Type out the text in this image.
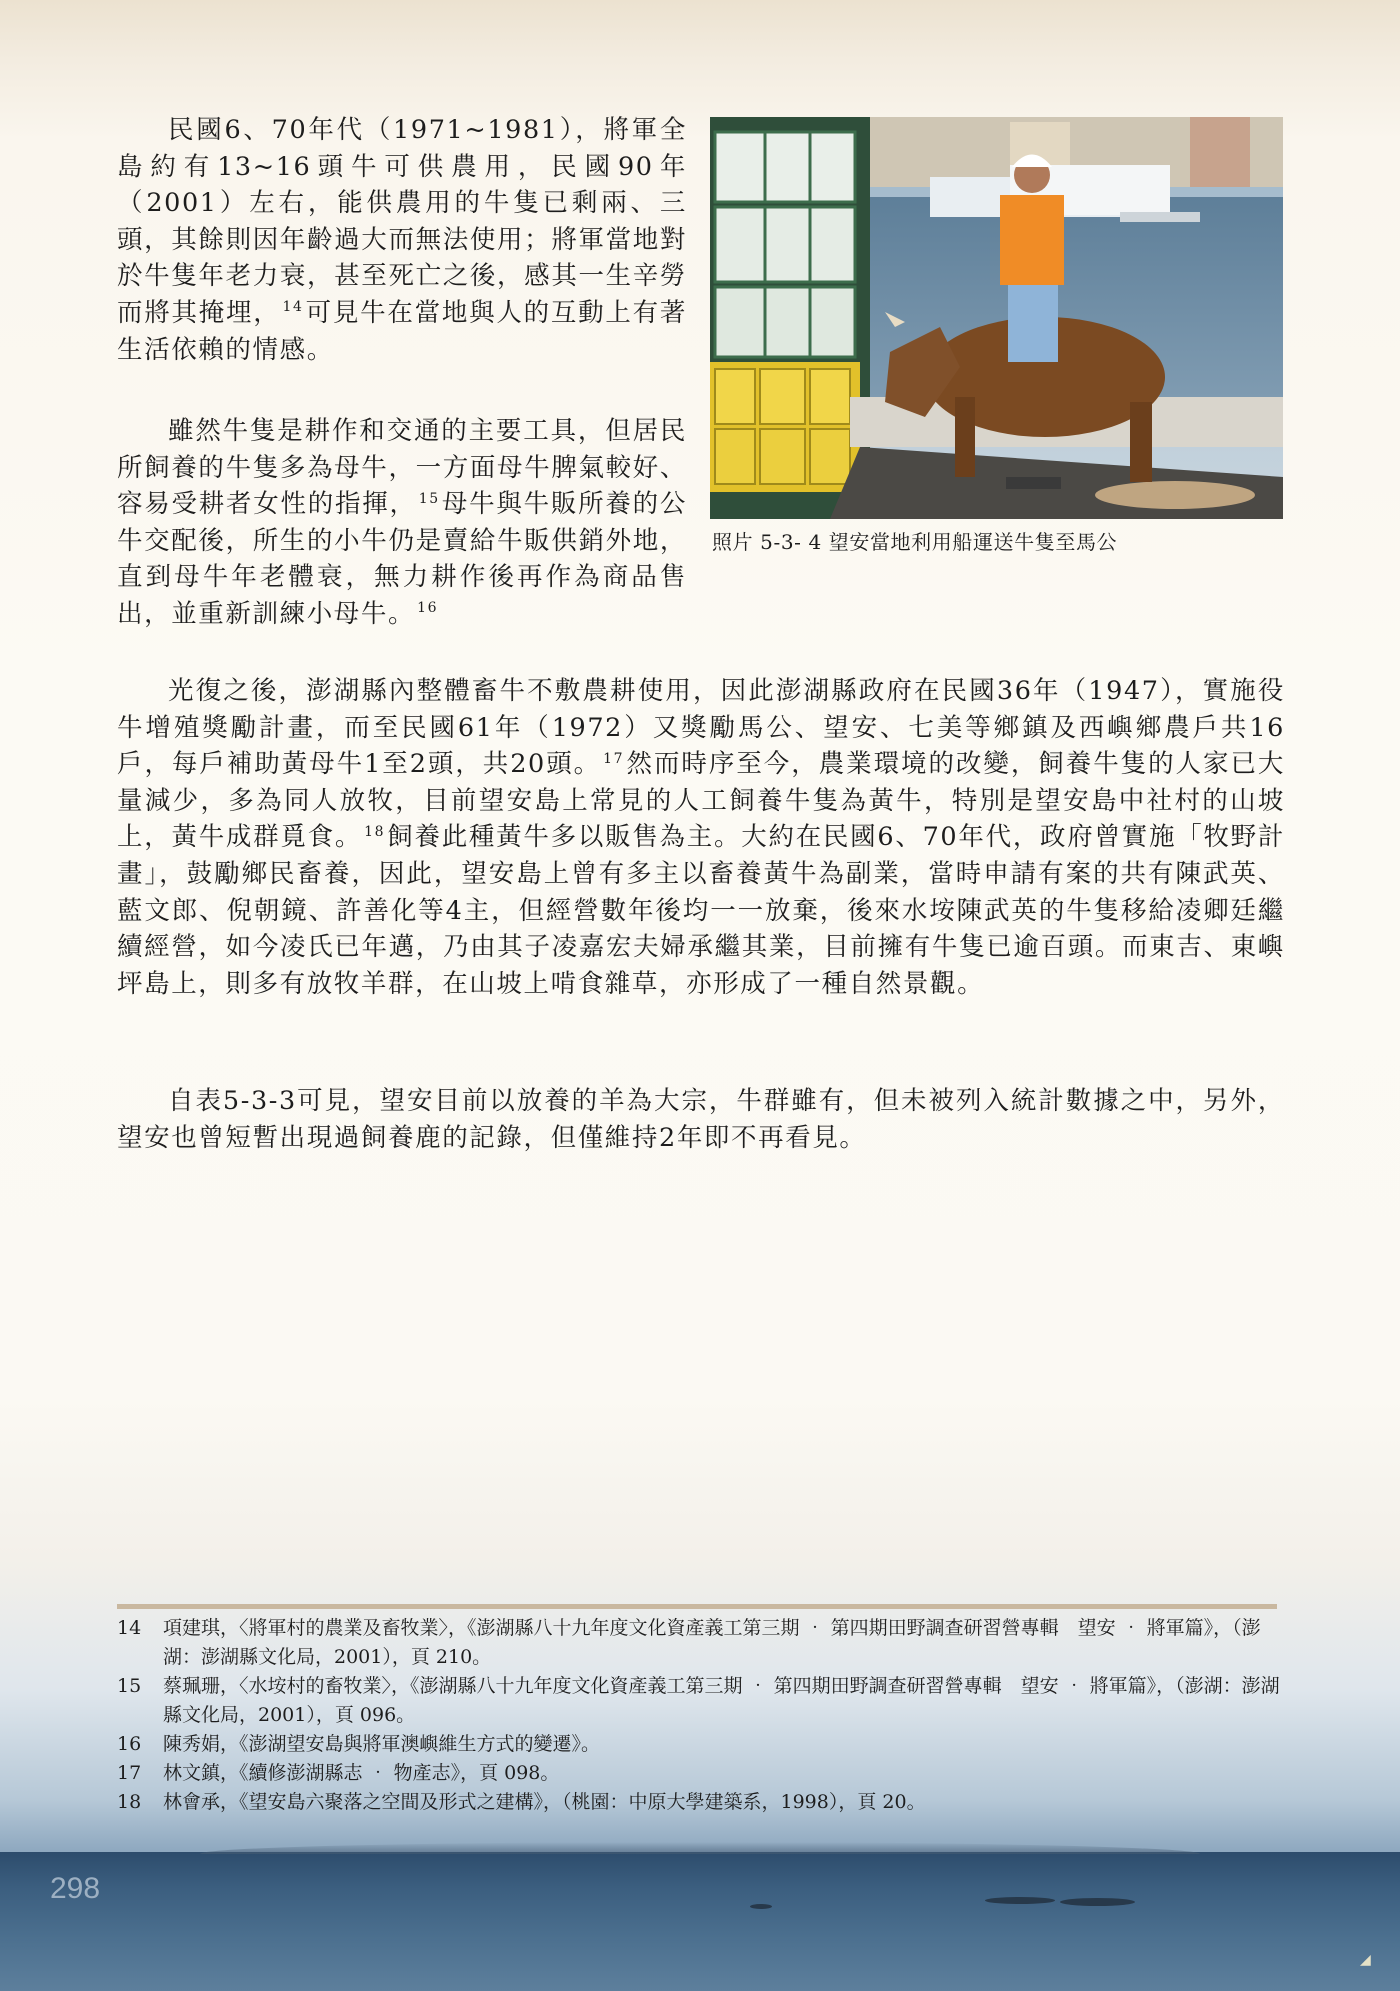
◢

民國6、70年代（1971~1981），將軍全島約有13~16頭牛可供農用，民國90年（2001）左右，能供農用的牛隻已剩兩、三頭，其餘則因年齡過大而無法使用；將軍當地對於牛隻年老力衰，甚至死亡之後，感其一生辛勞而將其掩埋， $^{14}$可見牛在當地與人的互動上有著生活依賴的情感。

照片 5-3- 4 望安當地利用船運送牛隻至馬公

雖然牛隻是耕作和交通的主要工具，但居民所飼養的牛隻多為母牛，一方面母牛脾氣較好、容易受耕者女性的指揮， $^{15}$母牛與牛販所養的公牛交配後，所生的小牛仍是賣給牛販供銷外地，直到母牛年老體衰，無力耕作後再作為商品售出，並重新訓練小母牛。 $^{16}$

光復之後，澎湖縣內整體畜牛不敷農耕使用，因此澎湖縣政府在民國36年（1947），實施役牛增殖獎勵計畫，而至民國61年（1972）又獎勵馬公、望安、七美等鄉鎮及西嶼鄉農戶共16戶，每戶補助黃母牛1至2頭，共20頭。 $^{17}$然而時序至今，農業環境的改變，飼養牛隻的人家已大量減少，多為同人放牧，目前望安島上常見的人工飼養牛隻為黃牛，特別是望安島中社村的山坡上，黃牛成群覓食。 $^{18}$飼養此種黃牛多以販售為主。大約在民國6、70年代，政府曾實施「牧野計畫」，鼓勵鄉民畜養，因此，望安島上曾有多主以畜養黃牛為副業，當時申請有案的共有陳武英、藍文郎、倪朝鏡、許善化等4主，但經營數年後均一一放棄，後來水垵陳武英的牛隻移給凌卿廷繼續經營，如今凌氏已年邁，乃由其子凌嘉宏夫婦承繼其業，目前擁有牛隻已逾百頭。而東吉、東嶼坪島上，則多有放牧羊群，在山坡上啃食雜草，亦形成了一種自然景觀。

自表5-3-3可見，望安目前以放養的羊為大宗，牛群雖有，但未被列入統計數據之中，另外，望安也曾短暫出現過飼養鹿的記錄，但僅維持2年即不再看見。

14	項建琪，〈將軍村的農業及畜牧業〉，《澎湖縣八十九年度文化資產義工第三期 ‧ 第四期田野調查研習營專輯　望安 ‧ 將軍篇》，（澎湖：澎湖縣文化局，2001），頁 210。
15	蔡珮珊，〈水垵村的畜牧業〉，《澎湖縣八十九年度文化資產義工第三期 ‧ 第四期田野調查研習營專輯　望安 ‧ 將軍篇》，（澎湖：澎湖縣文化局，2001），頁 096。
16	陳秀娟，《澎湖望安島與將軍澳嶼維生方式的變遷》。
17	林文鎮，《續修澎湖縣志 ‧ 物產志》，頁 098。
18	林會承，《望安島六聚落之空間及形式之建構》，（桃園：中原大學建築系，1998），頁 20。
298
